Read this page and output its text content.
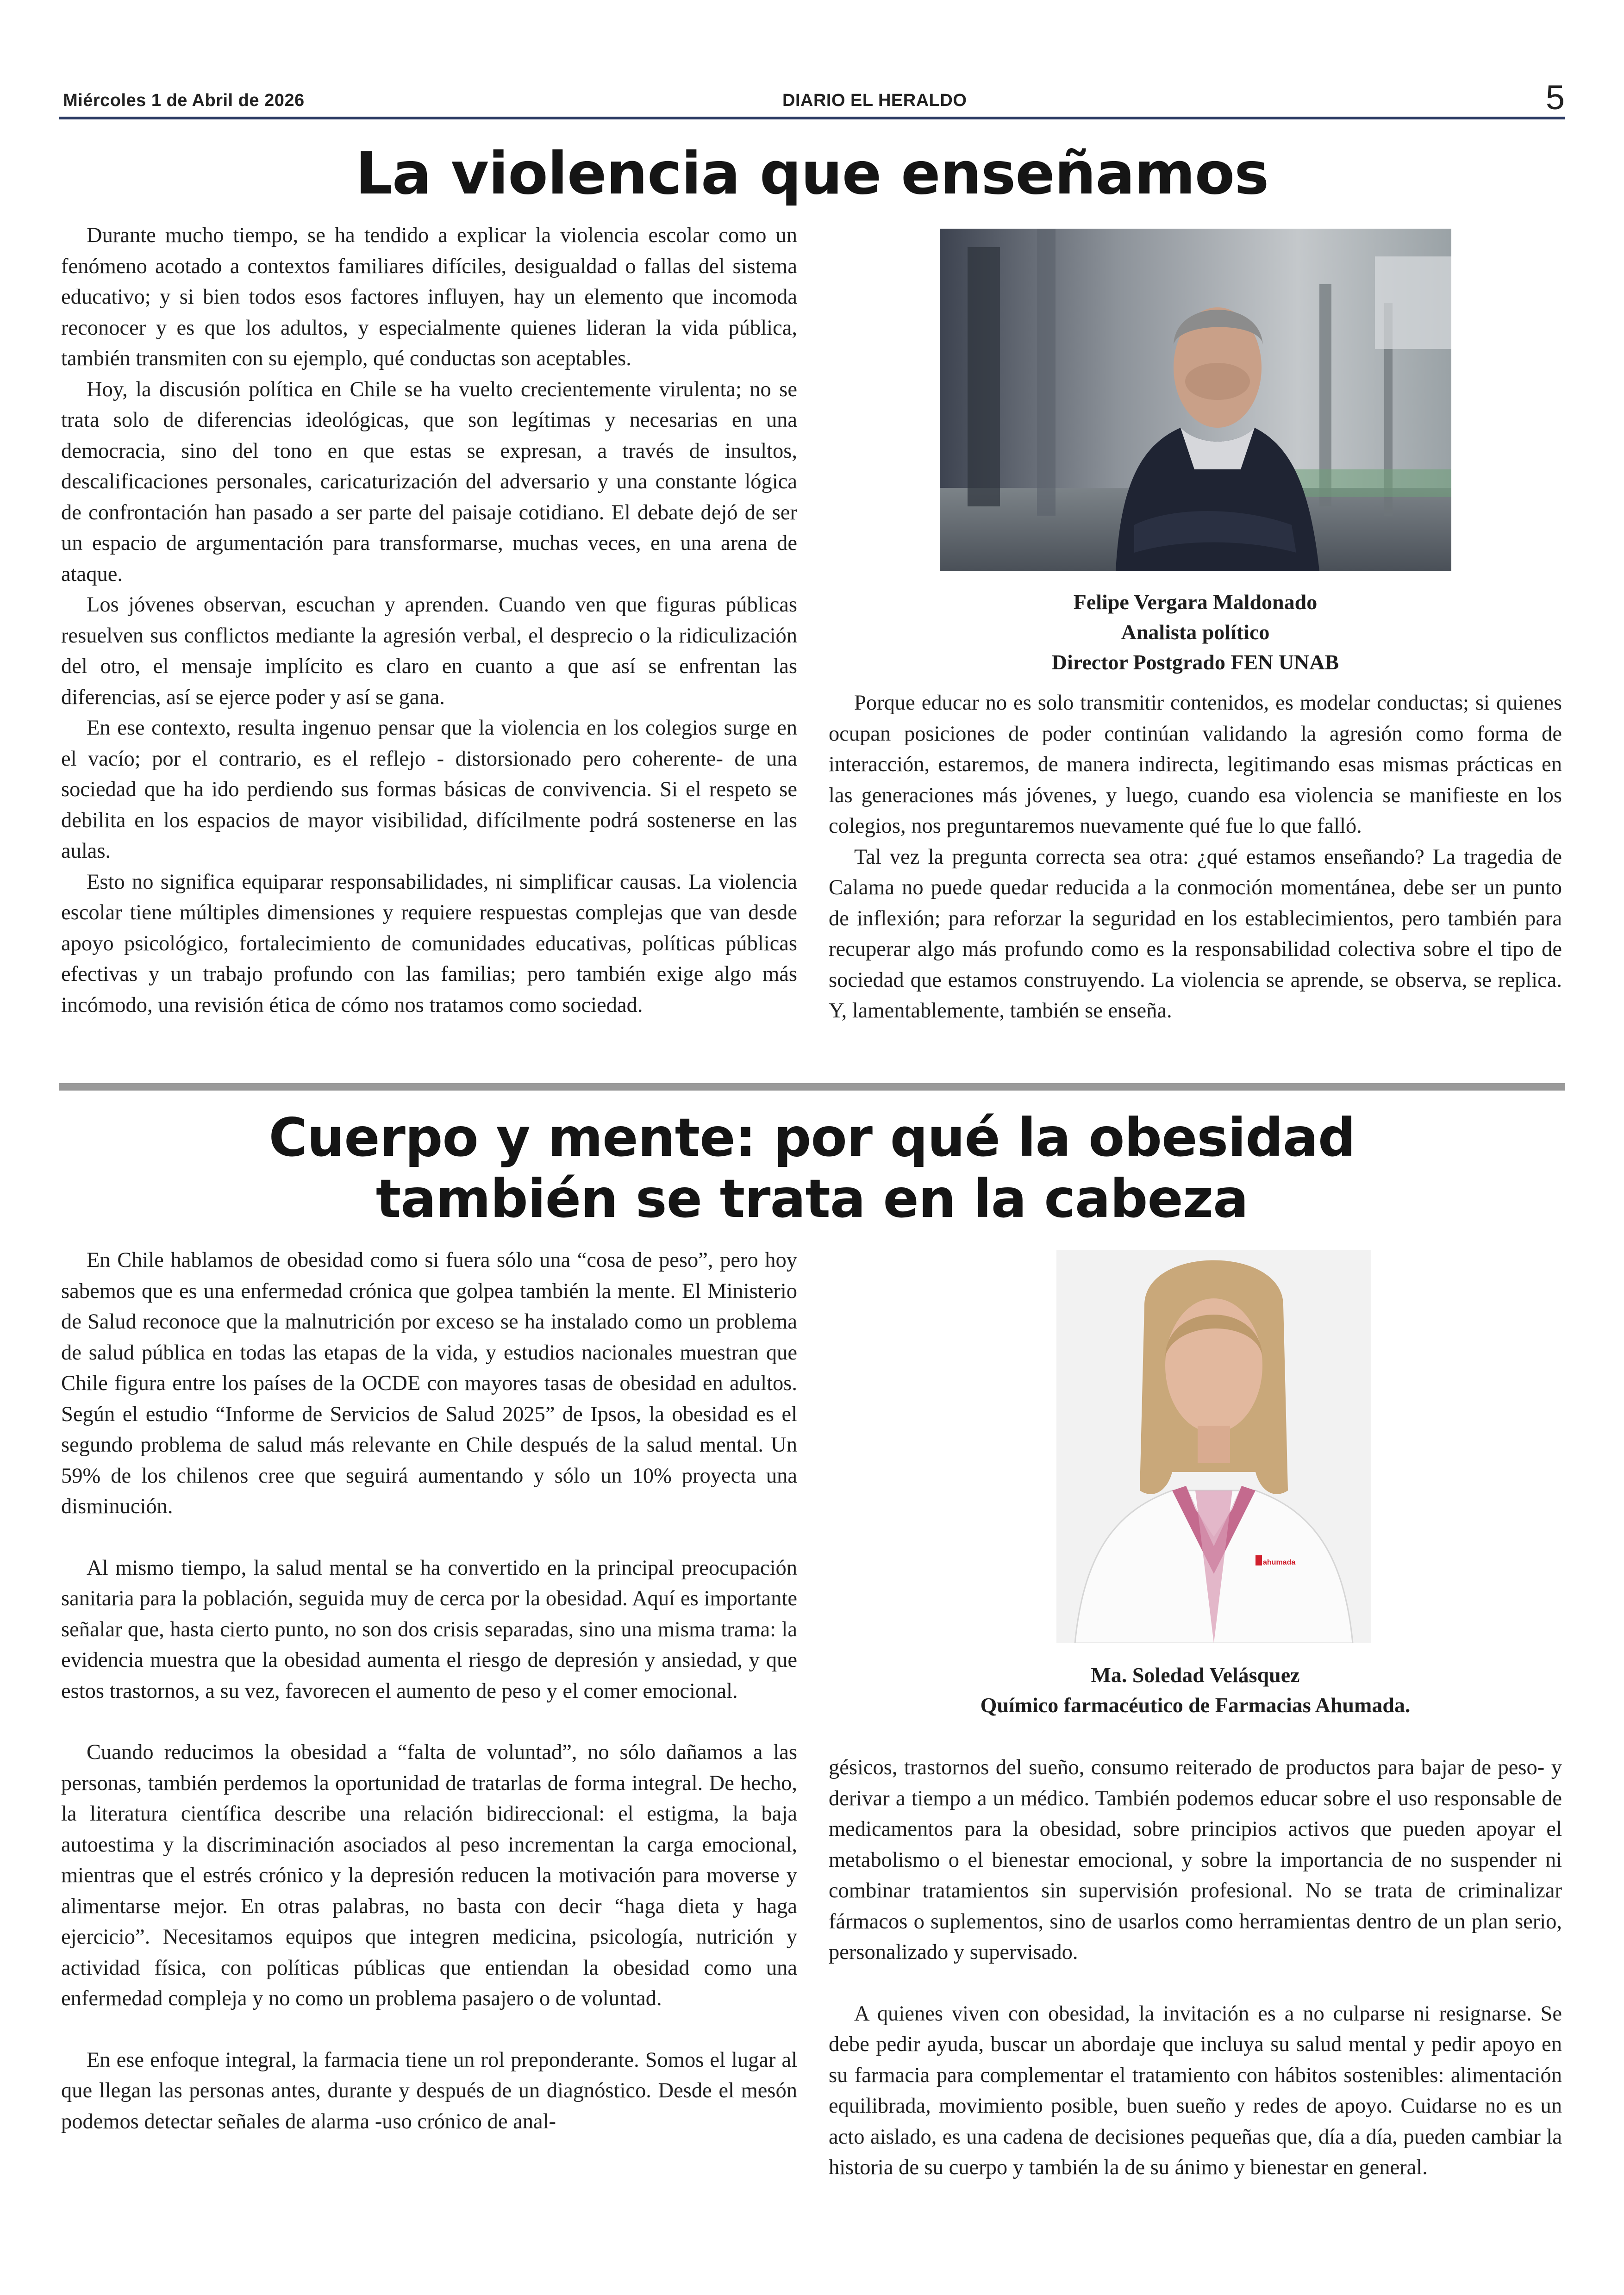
Miércoles 1 de Abril de 2026	DIARIO EL HERALDO	5
La violencia que enseñamos

Durante mucho tiempo, se ha tendido a explicar la violencia escolar como un fenómeno acotado a contextos familiares difíciles, desigualdad o fallas del sistema educativo; y si bien todos esos factores influyen, hay un elemento que incomoda reconocer y es que los adultos, y especialmente quienes lideran la vida pública, también transmiten con su ejemplo, qué conductas son aceptables.

Hoy, la discusión política en Chile se ha vuelto crecientemente virulenta; no se trata solo de diferencias ideológicas, que son legítimas y necesarias en una democracia, sino del tono en que estas se expresan, a través de insultos, descalificaciones personales, caricaturización del adversario y una constante lógica de confrontación han pasado a ser parte del paisaje cotidiano. El debate dejó de ser un espacio de argumentación para transformarse, muchas veces, en una arena de ataque.

Los jóvenes observan, escuchan y aprenden. Cuando ven que figuras públicas resuelven sus conflictos mediante la agresión verbal, el desprecio o la ridiculización del otro, el mensaje implícito es claro en cuanto a que así se enfrentan las diferencias, así se ejerce poder y así se gana.

En ese contexto, resulta ingenuo pensar que la violencia en los colegios surge en el vacío; por el contrario, es el reflejo - distorsionado pero coherente- de una sociedad que ha ido perdiendo sus formas básicas de convivencia. Si el respeto se debilita en los espacios de mayor visibilidad, difícilmente podrá sostenerse en las aulas.

Esto no significa equiparar responsabilidades, ni simplificar causas. La violencia escolar tiene múltiples dimensiones y requiere respuestas complejas que van desde apoyo psicológico, fortalecimiento de comunidades educativas, políticas públicas efectivas y un trabajo profundo con las familias; pero también exige algo más incómodo, una revisión ética de cómo nos tratamos como sociedad.

Felipe Vergara Maldonado
Analista político
Director Postgrado FEN UNAB

Porque educar no es solo transmitir contenidos, es modelar conductas; si quienes ocupan posiciones de poder continúan validando la agresión como forma de interacción, estaremos, de manera indirecta, legitimando esas mismas prácticas en las generaciones más jóvenes, y luego, cuando esa violencia se manifieste en los colegios, nos preguntaremos nuevamente qué fue lo que falló.

Tal vez la pregunta correcta sea otra: ¿qué estamos enseñando? La tragedia de Calama no puede quedar reducida a la conmoción momentánea, debe ser un punto de inflexión; para reforzar la seguridad en los establecimientos, pero también para recuperar algo más profundo como es la responsabilidad colectiva sobre el tipo de sociedad que estamos construyendo. La violencia se aprende, se observa, se replica. Y, lamentablemente, también se enseña.

Cuerpo y mente: por qué la obesidad
también se trata en la cabeza

En Chile hablamos de obesidad como si fuera sólo una “cosa de peso”, pero hoy sabemos que es una enfermedad crónica que golpea también la mente. El Ministerio de Salud reconoce que la malnutrición por exceso se ha instalado como un problema de salud pública en todas las etapas de la vida, y estudios nacionales muestran que Chile figura entre los países de la OCDE con mayores tasas de obesidad en adultos. Según el estudio “Informe de Servicios de Salud 2025” de Ipsos, la obesidad es el segundo problema de salud más relevante en Chile después de la salud mental. Un 59% de los chilenos cree que seguirá aumentando y sólo un 10% proyecta una disminución.

Al mismo tiempo, la salud mental se ha convertido en la principal preocupación sanitaria para la población, seguida muy de cerca por la obesidad. Aquí es importante señalar que, hasta cierto punto, no son dos crisis separadas, sino una misma trama: la evidencia muestra que la obesidad aumenta el riesgo de depresión y ansiedad, y que estos trastornos, a su vez, favorecen el aumento de peso y el comer emocional.

Cuando reducimos la obesidad a “falta de voluntad”, no sólo dañamos a las personas, también perdemos la oportunidad de tratarlas de forma integral. De hecho, la literatura científica describe una relación bidireccional: el estigma, la baja autoestima y la discriminación asociados al peso incrementan la carga emocional, mientras que el estrés crónico y la depresión reducen la motivación para moverse y alimentarse mejor. En otras palabras, no basta con decir “haga dieta y haga ejercicio”. Necesitamos equipos que integren medicina, psicología, nutrición y actividad física, con políticas públicas que entiendan la obesidad como una enfermedad compleja y no como un problema pasajero o de voluntad.

En ese enfoque integral, la farmacia tiene un rol preponderante. Somos el lugar al que llegan las personas antes, durante y después de un diagnóstico. Desde el mesón podemos detectar señales de alarma -uso crónico de anal-

ahumada
Ma. Soledad Velásquez
Químico farmacéutico de Farmacias Ahumada.

gésicos, trastornos del sueño, consumo reiterado de productos para bajar de peso- y derivar a tiempo a un médico. También podemos educar sobre el uso responsable de medicamentos para la obesidad, sobre principios activos que pueden apoyar el metabolismo o el bienestar emocional, y sobre la importancia de no suspender ni combinar tratamientos sin supervisión profesional. No se trata de criminalizar fármacos o suplementos, sino de usarlos como herramientas dentro de un plan serio, personalizado y supervisado.

A quienes viven con obesidad, la invitación es a no culparse ni resignarse. Se debe pedir ayuda, buscar un abordaje que incluya su salud mental y pedir apoyo en su farmacia para complementar el tratamiento con hábitos sostenibles: alimentación equilibrada, movimiento posible, buen sueño y redes de apoyo. Cuidarse no es un acto aislado, es una cadena de decisiones pequeñas que, día a día, pueden cambiar la historia de su cuerpo y también la de su ánimo y bienestar en general.
